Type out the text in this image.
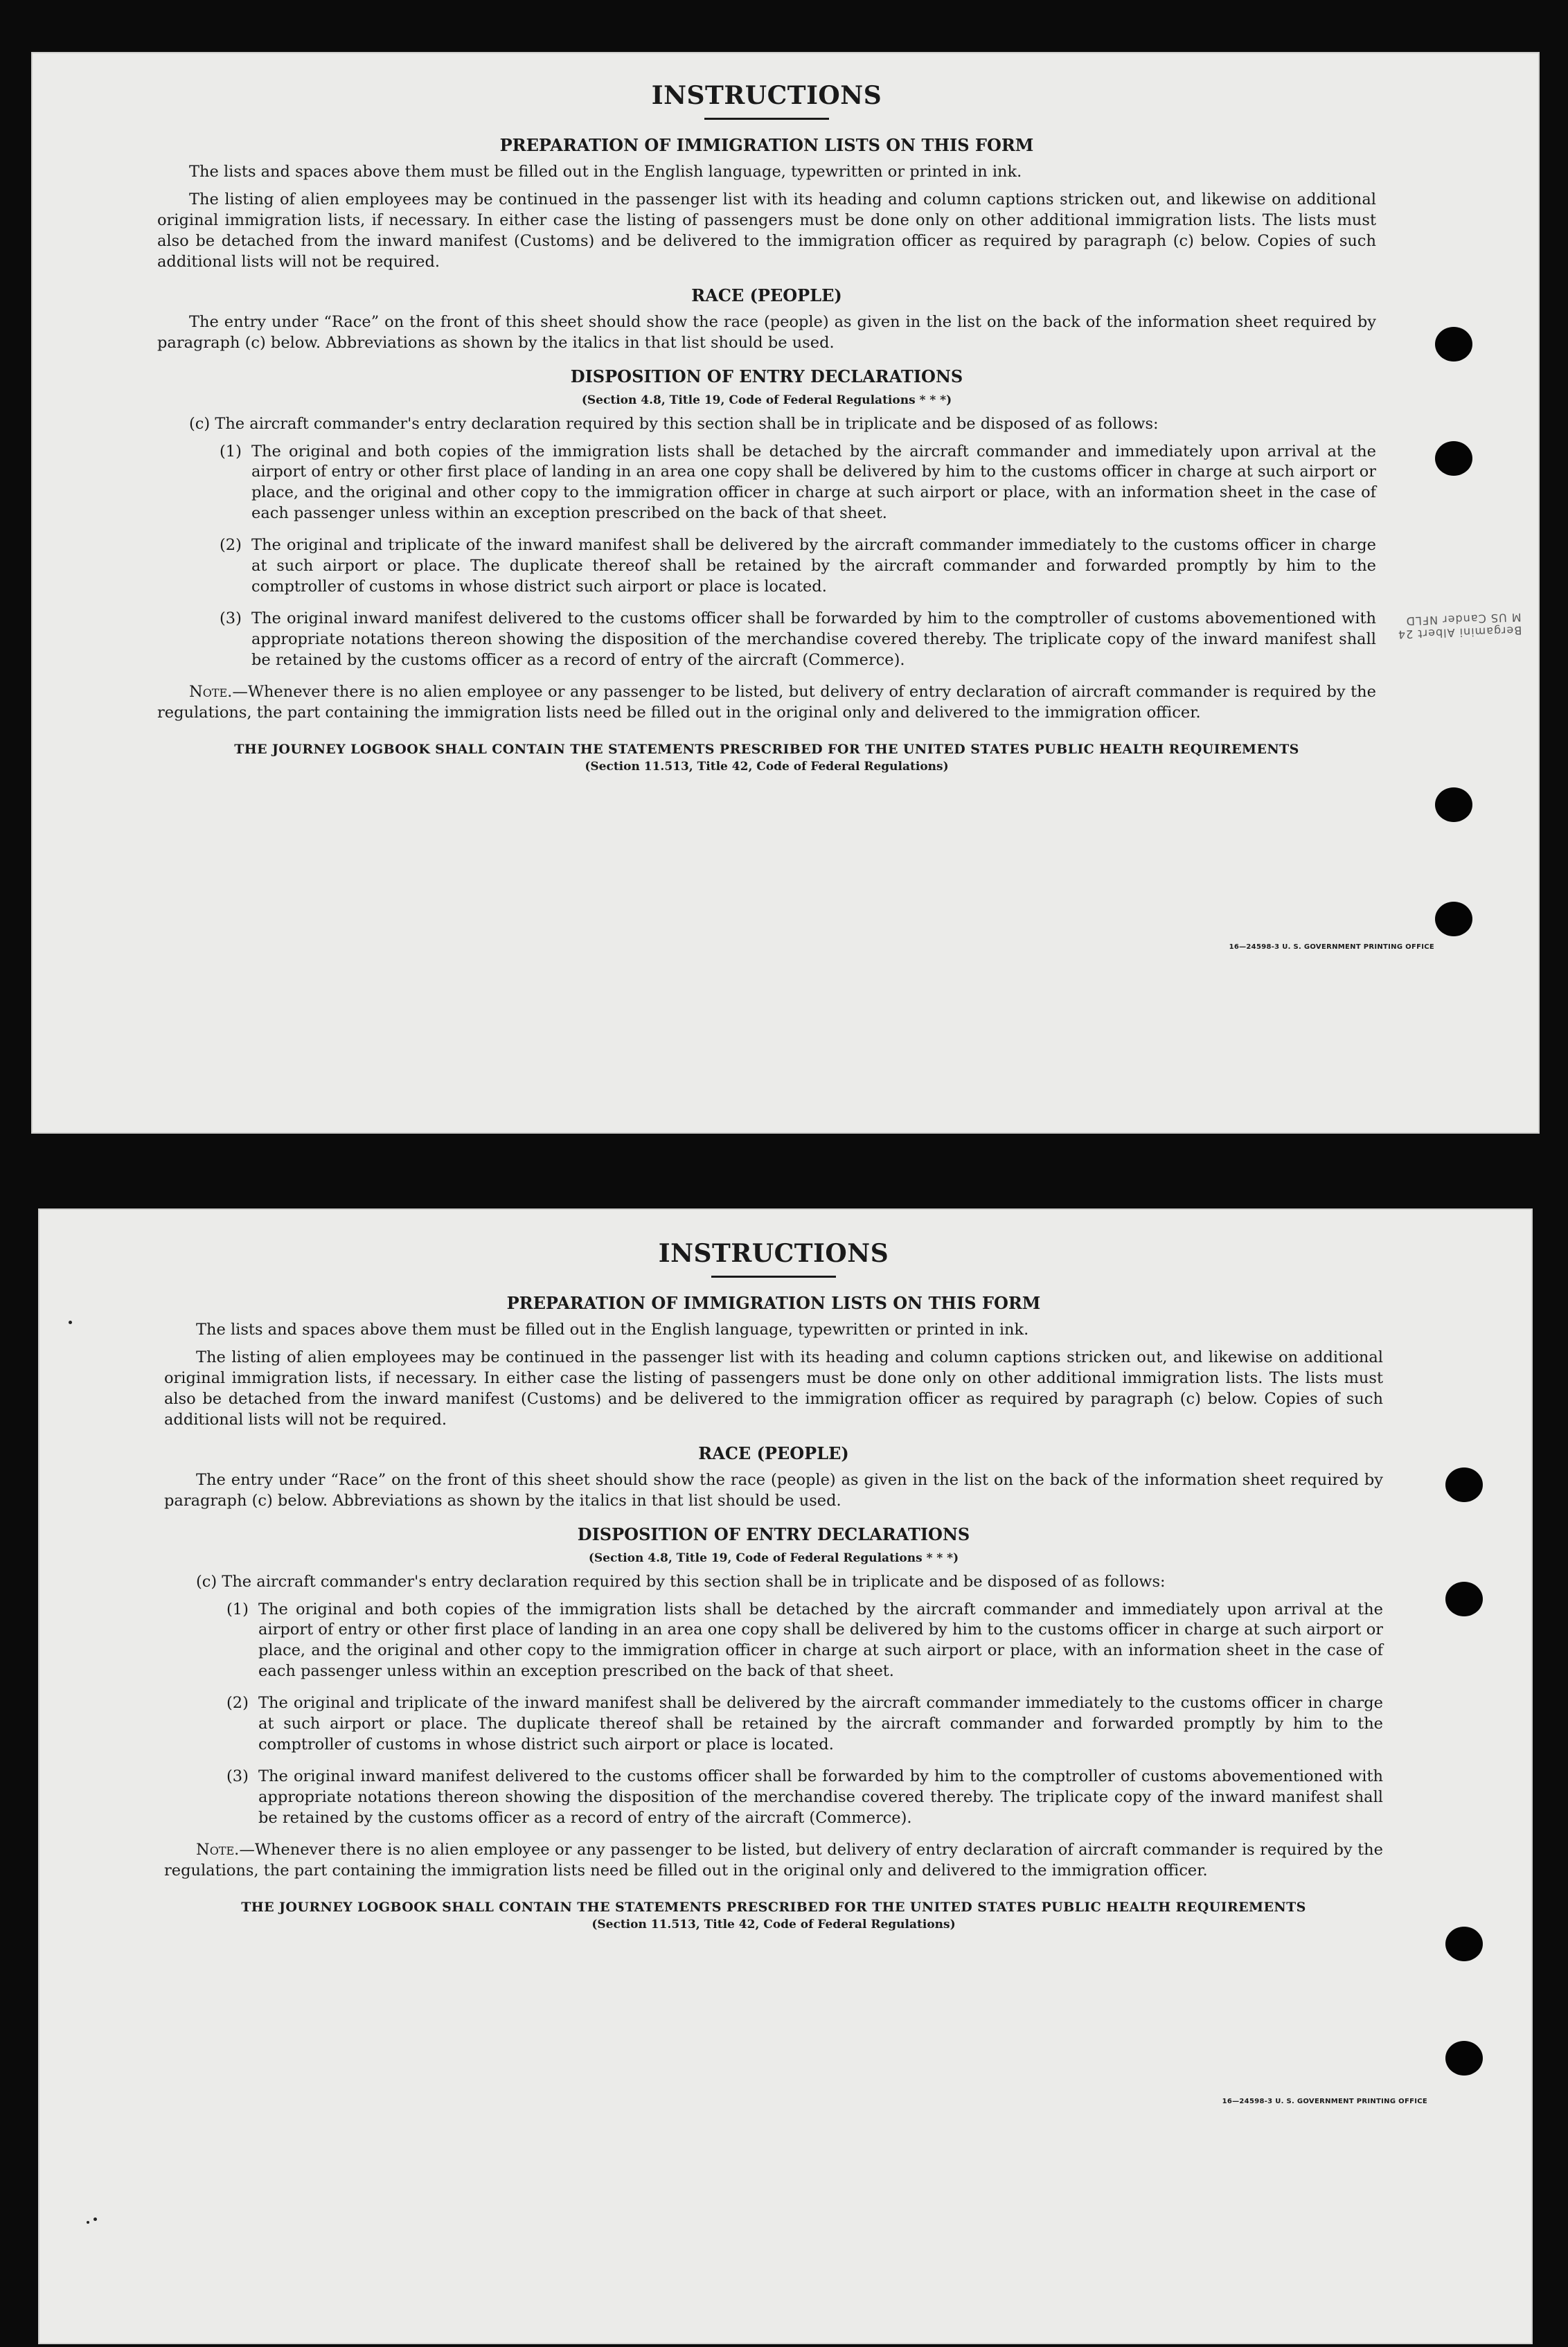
INSTRUCTIONS
PREPARATION OF IMMIGRATION LISTS ON THIS FORM

The lists and spaces above them must be filled out in the English language, typewritten or printed in ink.

The listing of alien employees may be continued in the passenger list with its heading and column captions stricken out, and likewise on additional original immigration lists, if necessary. In either case the listing of passengers must be done only on other additional immigration lists. The lists must also be detached from the inward manifest (Customs) and be delivered to the immigration officer as required by paragraph (c) below. Copies of such additional lists will not be required.

RACE (PEOPLE)

The entry under “Race” on the front of this sheet should show the race (people) as given in the list on the back of the information sheet required by paragraph (c) below. Abbreviations as shown by the italics in that list should be used.

DISPOSITION OF ENTRY DECLARATIONS
(Section 4.8, Title 19, Code of Federal Regulations * * *)

(c) The aircraft commander's entry declaration required by this section shall be in triplicate and be disposed of as follows:

(1) The original and both copies of the immigration lists shall be detached by the aircraft commander and immediately upon arrival at the airport of entry or other first place of landing in an area one copy shall be delivered by him to the customs officer in charge at such airport or place, and the original and other copy to the immigration officer in charge at such airport or place, with an information sheet in the case of each passenger unless within an exception prescribed on the back of that sheet.
(2) The original and triplicate of the inward manifest shall be delivered by the aircraft commander immediately to the customs officer in charge at such airport or place. The duplicate thereof shall be retained by the aircraft commander and forwarded promptly by him to the comptroller of customs in whose district such airport or place is located.
(3) The original inward manifest delivered to the customs officer shall be forwarded by him to the comptroller of customs abovementioned with appropriate notations thereon showing the disposition of the merchandise covered thereby. The triplicate copy of the inward manifest shall be retained by the customs officer as a record of entry of the aircraft (Commerce).

Note.—Whenever there is no alien employee or any passenger to be listed, but delivery of entry declaration of aircraft commander is required by the regulations, the part containing the immigration lists need be filled out in the original only and delivered to the immigration officer.

THE JOURNEY LOGBOOK SHALL CONTAIN THE STATEMENTS PRESCRIBED FOR THE UNITED STATES PUBLIC HEALTH REQUIREMENTS
(Section 11.513, Title 42, Code of Federal Regulations)
16—24598-3 U. S. GOVERNMENT PRINTING OFFICE
Bergamini Albert 24 M US Cander NFLD
INSTRUCTIONS
PREPARATION OF IMMIGRATION LISTS ON THIS FORM

The lists and spaces above them must be filled out in the English language, typewritten or printed in ink.

The listing of alien employees may be continued in the passenger list with its heading and column captions stricken out, and likewise on additional original immigration lists, if necessary. In either case the listing of passengers must be done only on other additional immigration lists. The lists must also be detached from the inward manifest (Customs) and be delivered to the immigration officer as required by paragraph (c) below. Copies of such additional lists will not be required.

RACE (PEOPLE)

The entry under “Race” on the front of this sheet should show the race (people) as given in the list on the back of the information sheet required by paragraph (c) below. Abbreviations as shown by the italics in that list should be used.

DISPOSITION OF ENTRY DECLARATIONS
(Section 4.8, Title 19, Code of Federal Regulations * * *)

(c) The aircraft commander's entry declaration required by this section shall be in triplicate and be disposed of as follows:

(1) The original and both copies of the immigration lists shall be detached by the aircraft commander and immediately upon arrival at the airport of entry or other first place of landing in an area one copy shall be delivered by him to the customs officer in charge at such airport or place, and the original and other copy to the immigration officer in charge at such airport or place, with an information sheet in the case of each passenger unless within an exception prescribed on the back of that sheet.
(2) The original and triplicate of the inward manifest shall be delivered by the aircraft commander immediately to the customs officer in charge at such airport or place. The duplicate thereof shall be retained by the aircraft commander and forwarded promptly by him to the comptroller of customs in whose district such airport or place is located.
(3) The original inward manifest delivered to the customs officer shall be forwarded by him to the comptroller of customs abovementioned with appropriate notations thereon showing the disposition of the merchandise covered thereby. The triplicate copy of the inward manifest shall be retained by the customs officer as a record of entry of the aircraft (Commerce).

Note.—Whenever there is no alien employee or any passenger to be listed, but delivery of entry declaration of aircraft commander is required by the regulations, the part containing the immigration lists need be filled out in the original only and delivered to the immigration officer.

THE JOURNEY LOGBOOK SHALL CONTAIN THE STATEMENTS PRESCRIBED FOR THE UNITED STATES PUBLIC HEALTH REQUIREMENTS
(Section 11.513, Title 42, Code of Federal Regulations)
16—24598-3 U. S. GOVERNMENT PRINTING OFFICE
